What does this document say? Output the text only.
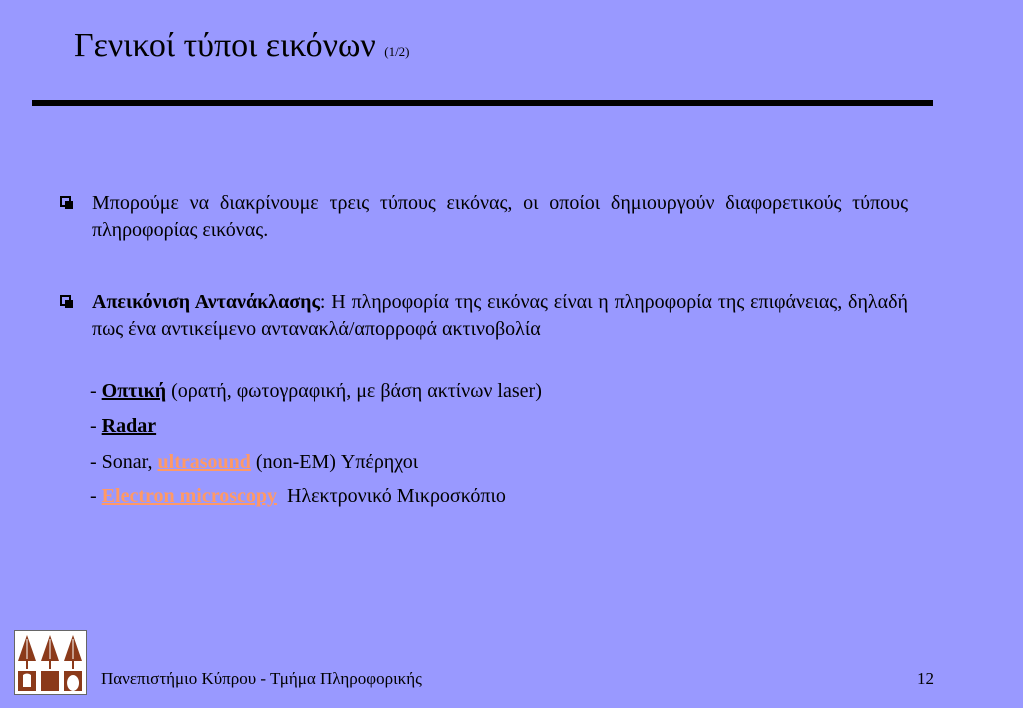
Γενικοί τύποι εικόνων (1/2)
Μπορούμε να διακρίνουμε τρεις τύπους εικόνας, οι οποίοι δημιουργούν διαφορετικούς τύπους πληροφορίας εικόνας.
Απεικόνιση Αντανάκλασης: Η πληροφορία της εικόνας είναι η πληροφορία της επιφάνειας, δηλαδή πως ένα αντικείμενο αντανακλά/απορροφά ακτινοβολία
- Οπτική (ορατή, φωτογραφική, με βάση ακτίνων laser)
- Radar
- Sonar, ultrasound (non-EM) Υπέρηχοι
- Electron microscopy  Ηλεκτρονικό Μικροσκόπιο
Πανεπιστήμιο Κύπρου - Τμήμα Πληροφορικής	12
